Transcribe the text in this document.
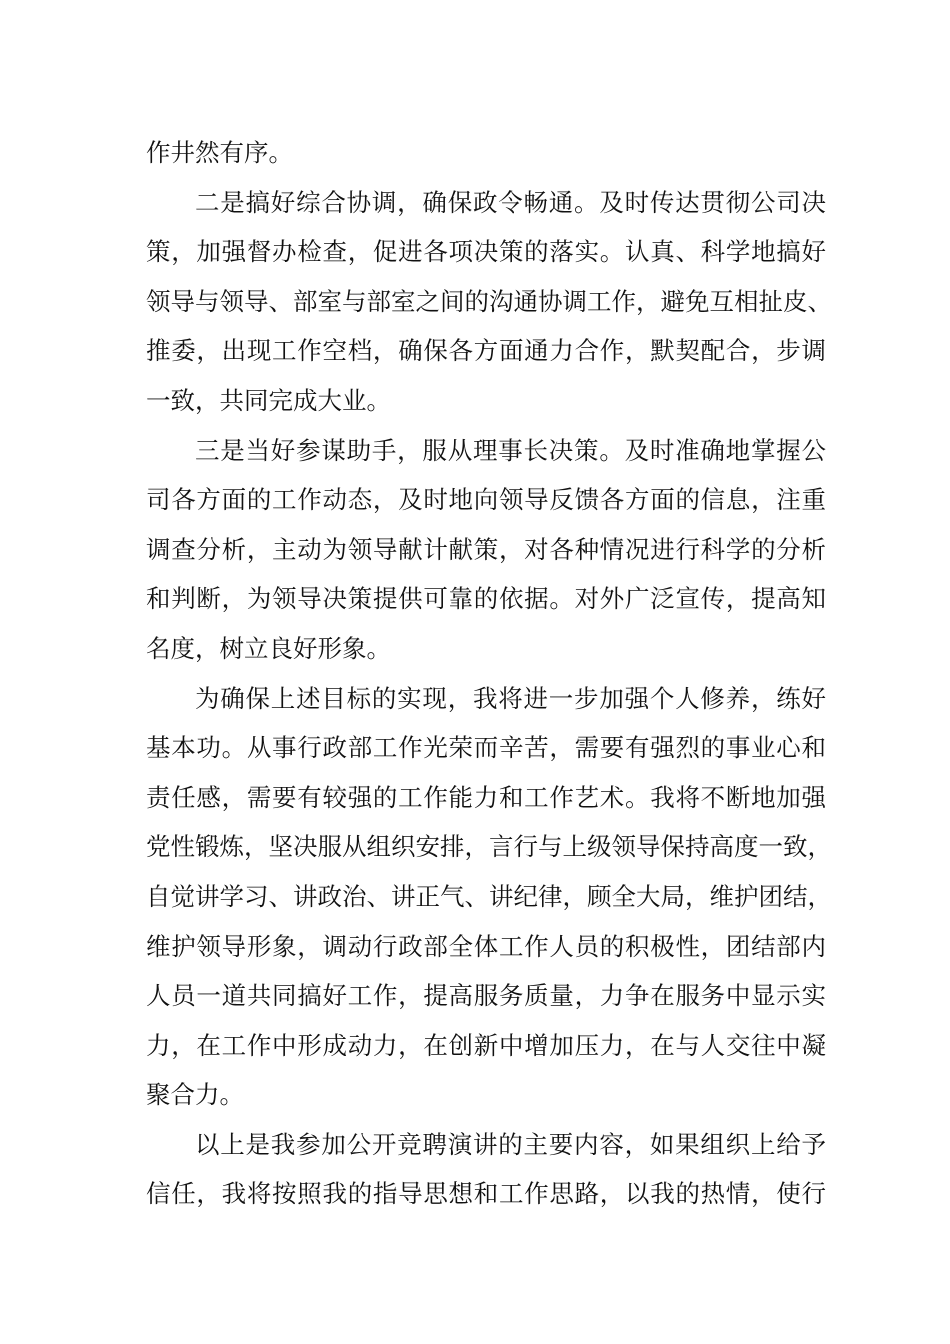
作井然有序。
二是搞好综合协调，确保政令畅通。及时传达贯彻公司决
策，加强督办检查，促进各项决策的落实。认真、科学地搞好
领导与领导、部室与部室之间的沟通协调工作，避免互相扯皮、
推委，出现工作空档，确保各方面通力合作，默契配合，步调
一致，共同完成大业。
三是当好参谋助手，服从理事长决策。及时准确地掌握公
司各方面的工作动态，及时地向领导反馈各方面的信息，注重
调查分析，主动为领导献计献策，对各种情况进行科学的分析
和判断，为领导决策提供可靠的依据。对外广泛宣传，提高知
名度，树立良好形象。
为确保上述目标的实现，我将进一步加强个人修养，练好
基本功。从事行政部工作光荣而辛苦，需要有强烈的事业心和
责任感，需要有较强的工作能力和工作艺术。我将不断地加强
党性锻炼，坚决服从组织安排，言行与上级领导保持高度一致，
自觉讲学习、讲政治、讲正气、讲纪律，顾全大局，维护团结，
维护领导形象，调动行政部全体工作人员的积极性，团结部内
人员一道共同搞好工作，提高服务质量，力争在服务中显示实
力，在工作中形成动力，在创新中增加压力，在与人交往中凝
聚合力。
以上是我参加公开竞聘演讲的主要内容，如果组织上给予
信任，我将按照我的指导思想和工作思路，以我的热情，使行
